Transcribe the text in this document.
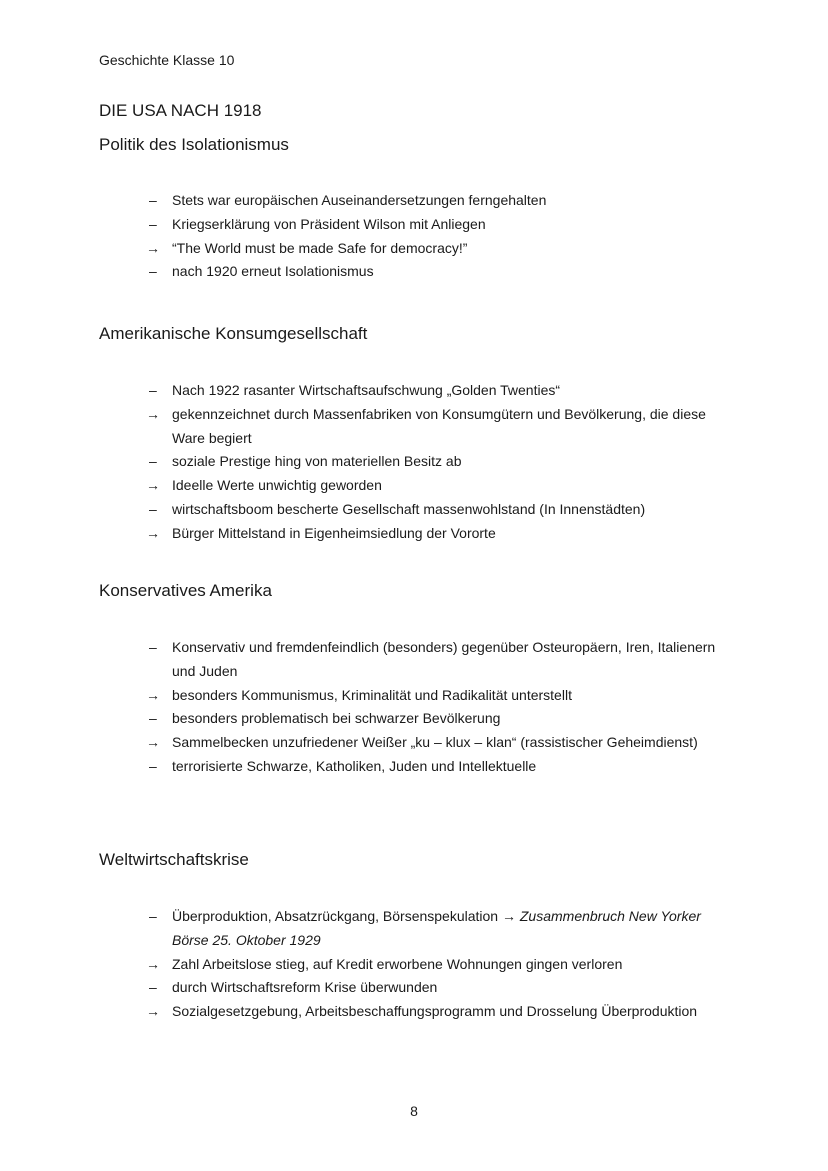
Geschichte Klasse 10
DIE USA NACH 1918
Politik des Isolationismus
–	Stets war europäischen Auseinandersetzungen ferngehalten
–	Kriegserklärung von Präsident Wilson mit Anliegen
→ “The World must be made Safe for democracy!”
–	nach 1920 erneut Isolationismus
Amerikanische Konsumgesellschaft
–	Nach 1922 rasanter Wirtschaftsaufschwung „Golden Twenties“
→ gekennzeichnet durch Massenfabriken von Konsumgütern und Bevölkerung, die diese Ware begiert
–	soziale Prestige hing von materiellen Besitz ab
→ Ideelle Werte unwichtig geworden
–	wirtschaftsboom bescherte Gesellschaft massenwohlstand (In Innenstädten)
→ Bürger Mittelstand in Eigenheimsiedlung der Vororte
Konservatives Amerika
–	Konservativ und fremdenfeindlich (besonders) gegenüber Osteuropäern, Iren, Italienern und Juden
→ besonders Kommunismus, Kriminalität und Radikalität unterstellt
–	besonders problematisch bei schwarzer Bevölkerung
→ Sammelbecken unzufriedener Weißer „ku – klux – klan“ (rassistischer Geheimdienst)
–	terrorisierte Schwarze, Katholiken, Juden und Intellektuelle
Weltwirtschaftskrise
–	Überproduktion, Absatzrückgang, Börsenspekulation → Zusammenbruch New Yorker Börse 25. Oktober 1929
→ Zahl Arbeitslose stieg, auf Kredit erworbene Wohnungen gingen verloren
–	durch Wirtschaftsreform Krise überwunden
→ Sozialgesetzgebung, Arbeitsbeschaffungsprogramm und Drosselung Überproduktion
8
